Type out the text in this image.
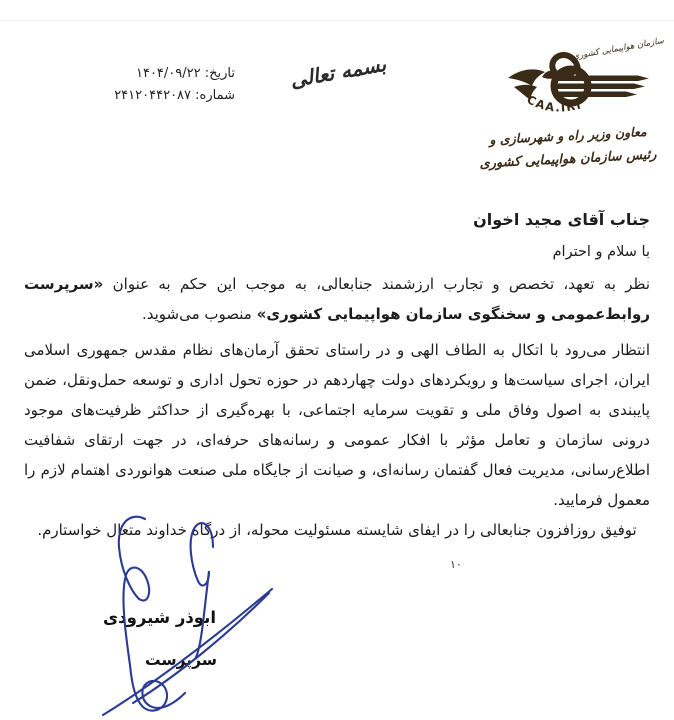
تاریخ: ۱۴۰۴/۰۹/۲۲
شماره: ۲۴۱۲۰۴۴۲۰۸۷
بسمه تعالی
سازمان هواپیمایی کشوری
CAA.IRI
معاون وزیر راه و شهرسازی و
رئیس سازمان هواپیمایی کشوری
جناب آقای مجید اخوان
با سلام و احترام

نظر به تعهد، تخصص و تجارب ارزشمند جنابعالی، به موجب این حکم به عنوان «سرپرست روابط‌عمومی و سخنگوی سازمان هواپیمایی کشوری» منصوب می‌شوید.

انتظار می‌رود با اتکال به الطاف الهی و در راستای تحقق آرمان‌های نظام مقدس جمهوری اسلامی ایران، اجرای سیاست‌ها و رویکردهای دولت چهاردهم در حوزه تحول اداری و توسعه حمل‌ونقل، ضمن پایبندی به اصول وفاق ملی و تقویت سرمایه اجتماعی، با بهره‌گیری از حداکثر ظرفیت‌های موجود درونی سازمان و تعامل مؤثر با افکار عمومی و رسانه‌های حرفه‌ای، در جهت ارتقای شفافیت اطلاع‌رسانی، مدیریت فعال گفتمان رسانه‌ای، و صیانت از جایگاه ملی صنعت هوانوردی اهتمام لازم را معمول فرمایید.

توفیق روزافزون جنابعالی را در ایفای شایسته مسئولیت محوله، از درگاه خداوند متعال خواستارم.

۱۰
ابوذر شیرودی
سرپرست
